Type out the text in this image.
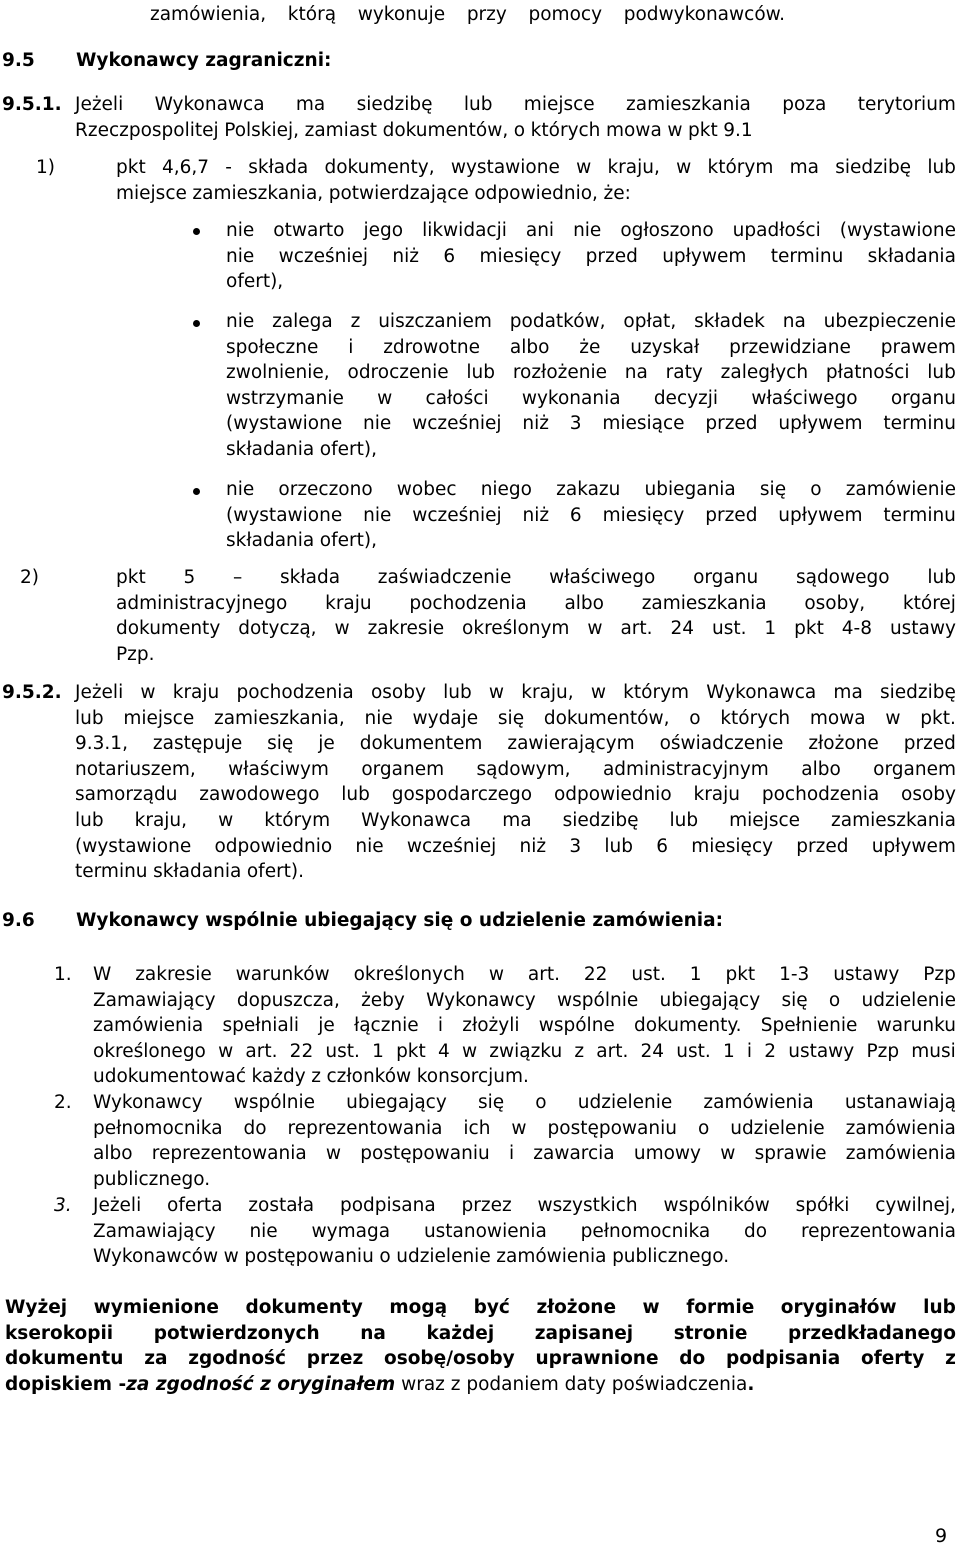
zamówienia, którą wykonuje przy pomocy podwykonawców.
9.5 Wykonawcy zagraniczni:
9.5.1.
1)
2)
9.5.2.
9.6 Wykonawcy wspólnie ubiegający się o udzielenie zamówienia:
1.
2.
3.
dopiskiem -za zgodność z oryginałem wraz z podaniem daty poświadczenia.
9
Jeżeli Wykonawca ma siedzibę lub miejsce zamieszkania poza terytorium
Rzeczpospolitej Polskiej, zamiast dokumentów, o których mowa w pkt 9.1
pkt 4,6,7 - składa dokumenty, wystawione w kraju, w którym ma siedzibę lub
miejsce zamieszkania, potwierdzające odpowiednio, że:
nie otwarto jego likwidacji ani nie ogłoszono upadłości (wystawione
nie wcześniej niż 6 miesięcy przed upływem terminu składania
ofert),
nie zalega z uiszczaniem podatków, opłat, składek na ubezpieczenie
społeczne i zdrowotne albo że uzyskał przewidziane prawem
zwolnienie, odroczenie lub rozłożenie na raty zaległych płatności lub
wstrzymanie w całości wykonania decyzji właściwego organu
(wystawione nie wcześniej niż 3 miesiące przed upływem terminu
składania ofert),
nie orzeczono wobec niego zakazu ubiegania się o zamówienie
(wystawione nie wcześniej niż 6 miesięcy przed upływem terminu
składania ofert),
pkt 5 – składa zaświadczenie właściwego organu sądowego lub
administracyjnego kraju pochodzenia albo zamieszkania osoby, której
dokumenty dotyczą, w zakresie określonym w art. 24 ust. 1 pkt 4-8 ustawy
Pzp.
Jeżeli w kraju pochodzenia osoby lub w kraju, w którym Wykonawca ma siedzibę
lub miejsce zamieszkania, nie wydaje się dokumentów, o których mowa w pkt.
9.3.1, zastępuje się je dokumentem zawierającym oświadczenie złożone przed
notariuszem, właściwym organem sądowym, administracyjnym albo organem
samorządu zawodowego lub gospodarczego odpowiednio kraju pochodzenia osoby
lub kraju, w którym Wykonawca ma siedzibę lub miejsce zamieszkania
(wystawione odpowiednio nie wcześniej niż 3 lub 6 miesięcy przed upływem
terminu składania ofert).
W zakresie warunków określonych w art. 22 ust. 1 pkt 1-3 ustawy Pzp
Zamawiający dopuszcza, żeby Wykonawcy wspólnie ubiegający się o udzielenie
zamówienia spełniali je łącznie i złożyli wspólne dokumenty. Spełnienie warunku
określonego w art. 22 ust. 1 pkt 4 w związku z art. 24 ust. 1 i 2 ustawy Pzp musi
udokumentować każdy z członków konsorcjum.
Wykonawcy wspólnie ubiegający się o udzielenie zamówienia ustanawiają
pełnomocnika do reprezentowania ich w postępowaniu o udzielenie zamówienia
albo reprezentowania w postępowaniu i zawarcia umowy w sprawie zamówienia
publicznego.
Jeżeli oferta została podpisana przez wszystkich wspólników spółki cywilnej,
Zamawiający nie wymaga ustanowienia pełnomocnika do reprezentowania
Wykonawców w postępowaniu o udzielenie zamówienia publicznego.
Wyżej wymienione dokumenty mogą być złożone w formie oryginałów lub
kserokopii potwierdzonych na każdej zapisanej stronie przedkładanego
dokumentu za zgodność przez osobę/osoby uprawnione do podpisania oferty z
